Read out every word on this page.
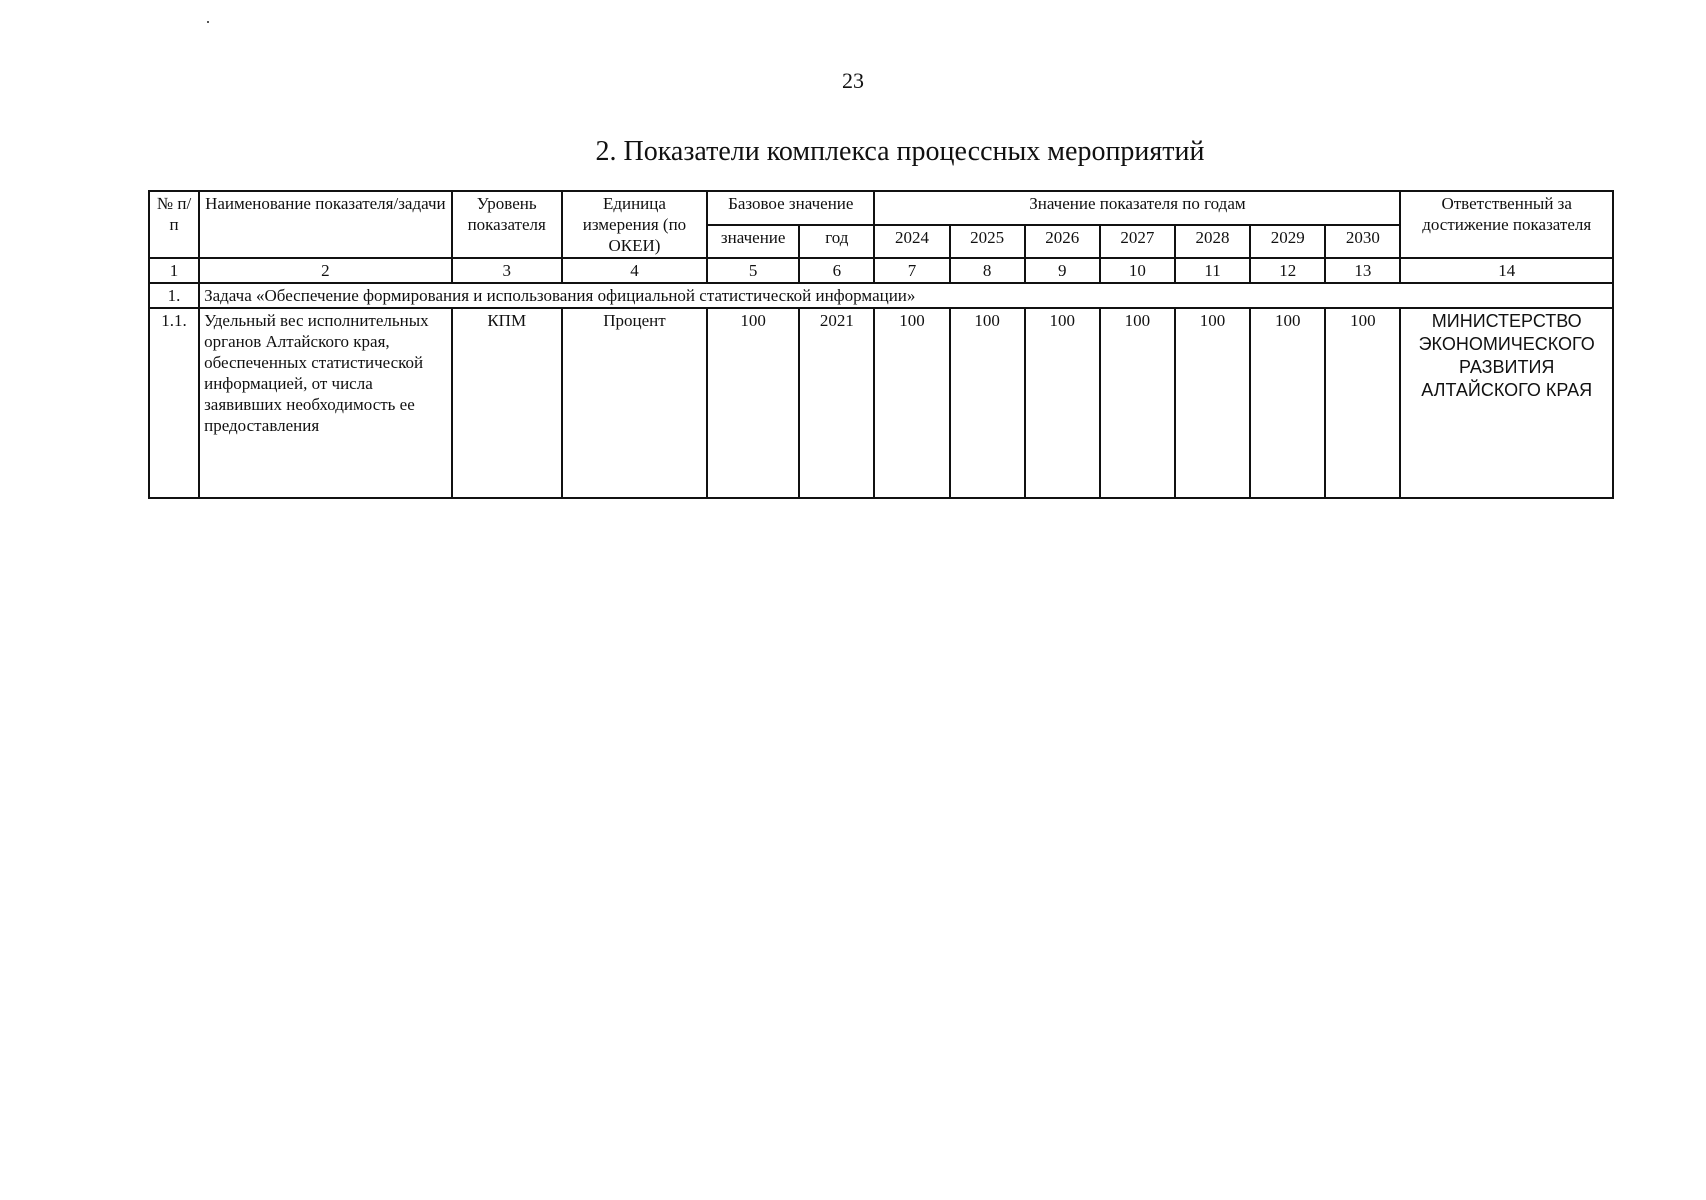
23
2. Показатели комплекса процессных мероприятий
№ п/п	Наименование показателя/задачи	Уровень показателя	Единица измерения (по ОКЕИ)	Базовое значение		Значение показателя по годам							Ответственный за достижение показателя
				значение	год	2024	2025	2026	2027	2028	2029	2030	
1	2	3	4	5	6	7	8	9	10	11	12	13	14
1.	Задача «Обеспечение формирования и использования официальной статистической информации»												
1.1.	Удельный вес исполнительных органов Алтайского края, обеспеченных статистической информацией, от числа заявивших необходимость ее предоставления	КПМ	Процент	100	2021	100	100	100	100	100	100	100	МИНИСТЕРСТВО ЭКОНОМИЧЕСКОГО РАЗВИТИЯ АЛТАЙСКОГО КРАЯ
